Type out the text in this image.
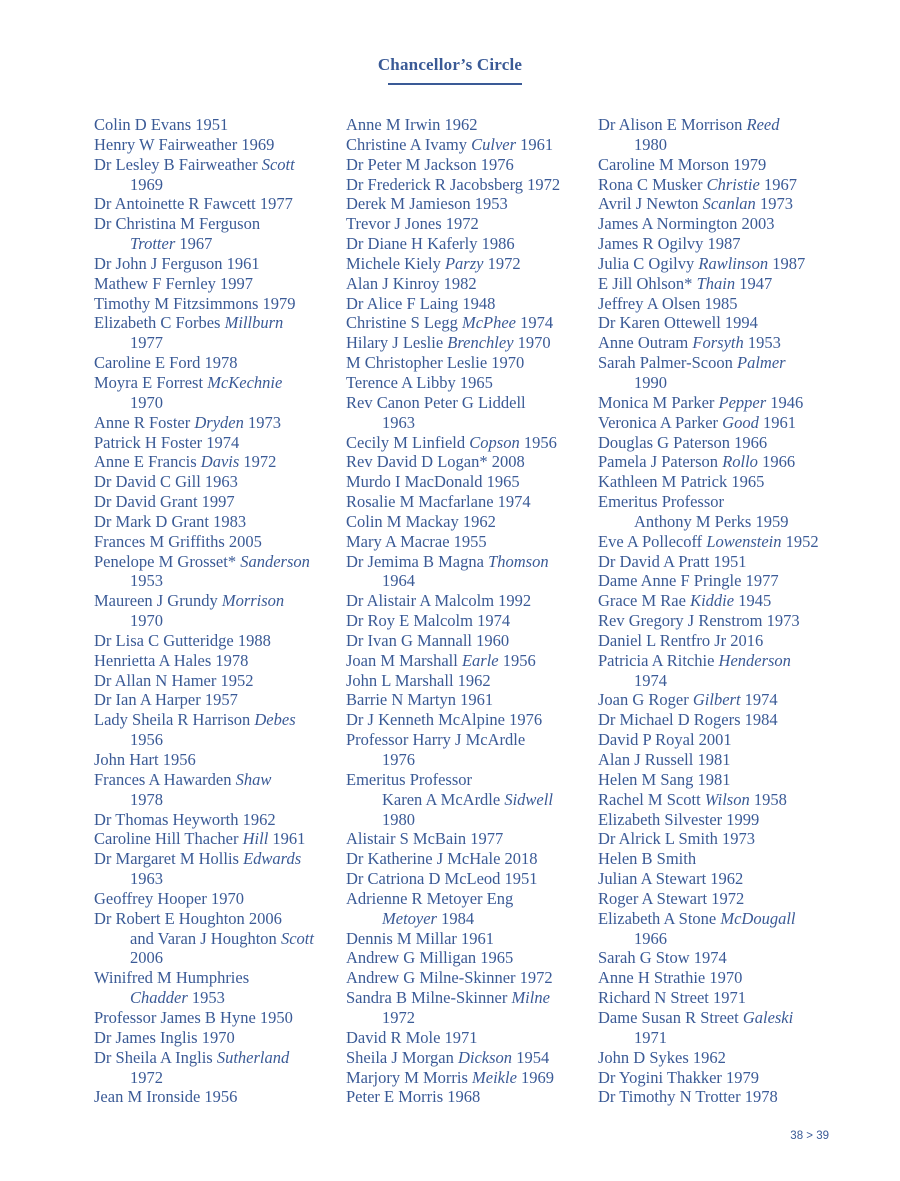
Chancellor’s Circle
Colin D Evans 1951
Henry W Fairweather 1969
Dr Lesley B Fairweather Scott
1969
Dr Antoinette R Fawcett 1977
Dr Christina M Ferguson
Trotter 1967
Dr John J Ferguson 1961
Mathew F Fernley 1997
Timothy M Fitzsimmons 1979
Elizabeth C Forbes Millburn
1977
Caroline E Ford 1978
Moyra E Forrest McKechnie
1970
Anne R Foster Dryden 1973
Patrick H Foster 1974
Anne E Francis Davis 1972
Dr David C Gill 1963
Dr David Grant 1997
Dr Mark D Grant 1983
Frances M Griffiths 2005
Penelope M Grosset* Sanderson
1953
Maureen J Grundy Morrison
1970
Dr Lisa C Gutteridge 1988
Henrietta A Hales 1978
Dr Allan N Hamer 1952
Dr Ian A Harper 1957
Lady Sheila R Harrison Debes
1956
John Hart 1956
Frances A Hawarden Shaw
1978
Dr Thomas Heyworth 1962
Caroline Hill Thacher Hill 1961
Dr Margaret M Hollis Edwards
1963
Geoffrey Hooper 1970
Dr Robert E Houghton 2006
and Varan J Houghton Scott
2006
Winifred M Humphries
Chadder 1953
Professor James B Hyne 1950
Dr James Inglis 1970
Dr Sheila A Inglis Sutherland
1972
Jean M Ironside 1956
Anne M Irwin 1962
Christine A Ivamy Culver 1961
Dr Peter M Jackson 1976
Dr Frederick R Jacobsberg 1972
Derek M Jamieson 1953
Trevor J Jones 1972
Dr Diane H Kaferly 1986
Michele Kiely Parzy 1972
Alan J Kinroy 1982
Dr Alice F Laing 1948
Christine S Legg McPhee 1974
Hilary J Leslie Brenchley 1970
M Christopher Leslie 1970
Terence A Libby 1965
Rev Canon Peter G Liddell
1963
Cecily M Linfield Copson 1956
Rev David D Logan* 2008
Murdo I MacDonald 1965
Rosalie M Macfarlane 1974
Colin M Mackay 1962
Mary A Macrae 1955
Dr Jemima B Magna Thomson
1964
Dr Alistair A Malcolm 1992
Dr Roy E Malcolm 1974
Dr Ivan G Mannall 1960
Joan M Marshall Earle 1956
John L Marshall 1962
Barrie N Martyn 1961
Dr J Kenneth McAlpine 1976
Professor Harry J McArdle
1976
Emeritus Professor
Karen A McArdle Sidwell
1980
Alistair S McBain 1977
Dr Katherine J McHale 2018
Dr Catriona D McLeod 1951
Adrienne R Metoyer Eng
Metoyer 1984
Dennis M Millar 1961
Andrew G Milligan 1965
Andrew G Milne-Skinner 1972
Sandra B Milne-Skinner Milne
1972
David R Mole 1971
Sheila J Morgan Dickson 1954
Marjory M Morris Meikle 1969
Peter E Morris 1968
Dr Alison E Morrison Reed
1980
Caroline M Morson 1979
Rona C Musker Christie 1967
Avril J Newton Scanlan 1973
James A Normington 2003
James R Ogilvy 1987
Julia C Ogilvy Rawlinson 1987
E Jill Ohlson* Thain 1947
Jeffrey A Olsen 1985
Dr Karen Ottewell 1994
Anne Outram Forsyth 1953
Sarah Palmer-Scoon Palmer
1990
Monica M Parker Pepper 1946
Veronica A Parker Good 1961
Douglas G Paterson 1966
Pamela J Paterson Rollo 1966
Kathleen M Patrick 1965
Emeritus Professor
Anthony M Perks 1959
Eve A Pollecoff Lowenstein 1952
Dr David A Pratt 1951
Dame Anne F Pringle 1977
Grace M Rae Kiddie 1945
Rev Gregory J Renstrom 1973
Daniel L Rentfro Jr 2016
Patricia A Ritchie Henderson
1974
Joan G Roger Gilbert 1974
Dr Michael D Rogers 1984
David P Royal 2001
Alan J Russell 1981
Helen M Sang 1981
Rachel M Scott Wilson 1958
Elizabeth Silvester 1999
Dr Alrick L Smith 1973
Helen B Smith
Julian A Stewart 1962
Roger A Stewart 1972
Elizabeth A Stone McDougall
1966
Sarah G Stow 1974
Anne H Strathie 1970
Richard N Street 1971
Dame Susan R Street Galeski
1971
John D Sykes 1962
Dr Yogini Thakker 1979
Dr Timothy N Trotter 1978
38 > 39
